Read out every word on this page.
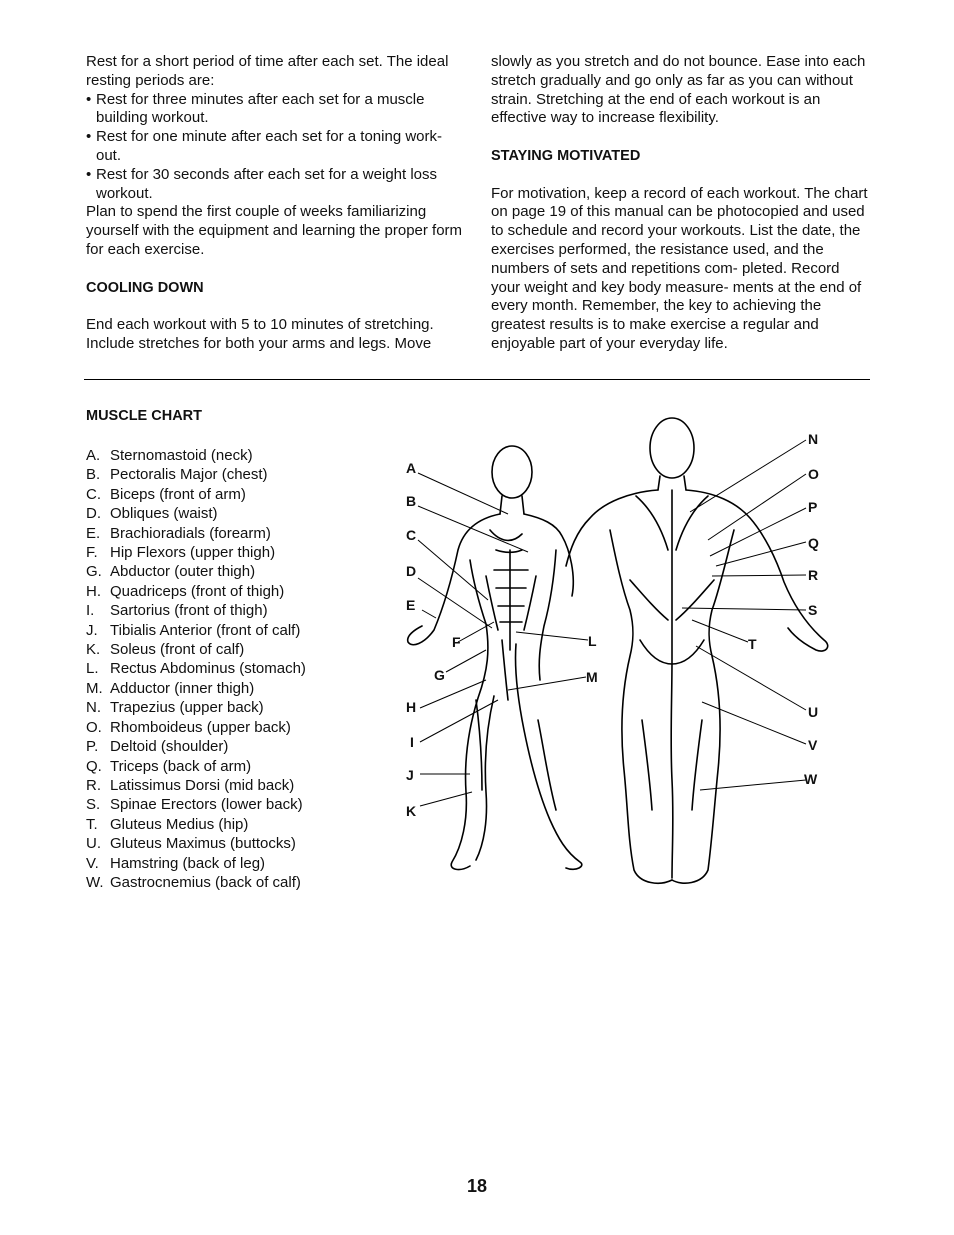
Rest for a short period of time after each set. The ideal resting periods are:

• Rest for three minutes after each set for a muscle building workout.
• Rest for one minute after each set for a toning work- out.
• Rest for 30 seconds after each set for a weight loss workout.

Plan to spend the first couple of weeks familiarizing yourself with the equipment and learning the proper form for each exercise.

COOLING DOWN

End each workout with 5 to 10 minutes of stretching. Include stretches for both your arms and legs. Move

slowly as you stretch and do not bounce. Ease into each stretch gradually and go only as far as you can without strain. Stretching at the end of each workout is an effective way to increase flexibility.

STAYING MOTIVATED

For motivation, keep a record of each workout. The chart on page 19 of this manual can be photocopied and used to schedule and record your workouts. List the date, the exercises performed, the resistance used, and the numbers of sets and repetitions com- pleted. Record your weight and key body measure- ments at the end of every month. Remember, the key to achieving the greatest results is to make exercise a regular and enjoyable part of your everyday life.

MUSCLE CHART
A. Sternomastoid (neck)
B. Pectoralis Major (chest)
C. Biceps (front of arm)
D. Obliques (waist)
E. Brachioradials (forearm)
F. Hip Flexors (upper thigh)
G. Abductor (outer thigh)
H. Quadriceps (front of thigh)
I. Sartorius (front of thigh)
J. Tibialis Anterior (front of calf)
K. Soleus (front of calf)
L. Rectus Abdominus (stomach)
M. Adductor (inner thigh)
N. Trapezius (upper back)
O. Rhomboideus (upper back)
P. Deltoid (shoulder)
Q. Triceps (back of arm)
R. Latissimus Dorsi (mid back)
S. Spinae Erectors (lower back)
T. Gluteus Medius (hip)
U. Gluteus Maximus (buttocks)
V. Hamstring (back of leg)
W. Gastrocnemius (back of calf)
A
B
C
D
E
F
G
H
I
J
K
L
M
N
O
P
Q
R
S
T
U
V
W
18
